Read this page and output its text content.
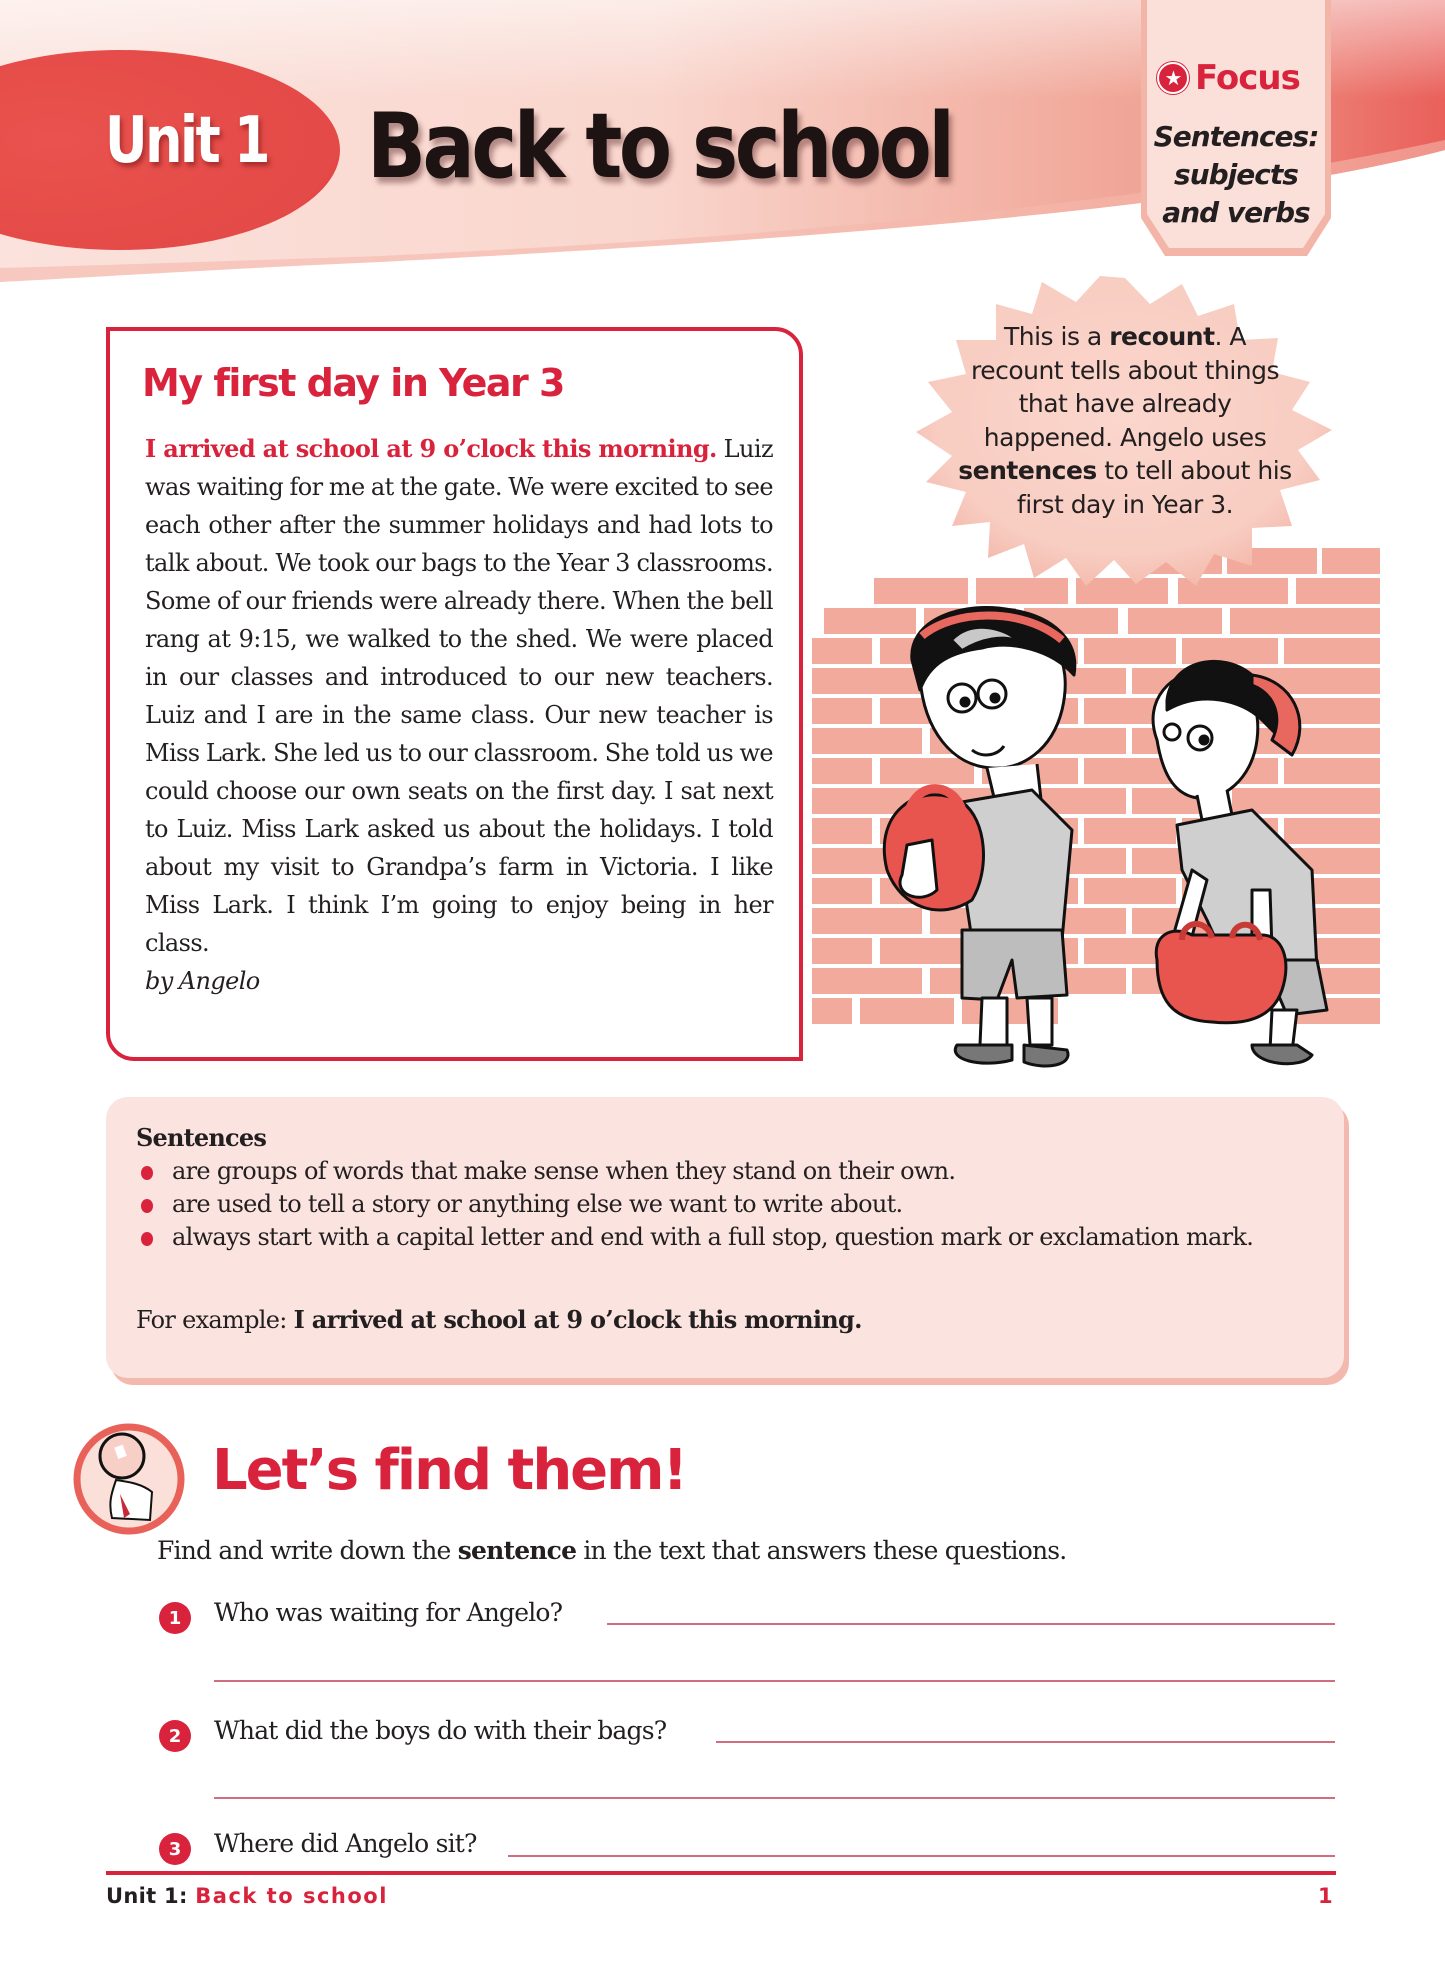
Unit 1 Back to school
★ Focus
Sentences:
subjects
and verbs
My first day in Year 3
I arrived at school at 9 o’clock this morning. Luiz was waiting for me at the gate. We were excited to see each other after the summer holidays and had lots to talk about. We took our bags to the Year 3 classrooms. Some of our friends were already there. When the bell rang at 9:15, we walked to the shed. We were placed in our classes and introduced to our new teachers. Luiz and I are in the same class. Our new teacher is Miss Lark. She led us to our classroom. She told us we could choose our own seats on the first day. I sat next to Luiz. Miss Lark asked us about the holidays. I told about my visit to Grandpa’s farm in Victoria. I like Miss Lark. I think I’m going to enjoy being in her class.
by Angelo
This is a recount. A recount tells about things that have already happened. Angelo uses sentences to tell about his first day in Year 3.
Sentences
are groups of words that make sense when they stand on their own.
are used to tell a story or anything else we want to write about.
always start with a capital letter and end with a full stop, question mark or exclamation mark.
For example: I arrived at school at 9 o’clock this morning.
Let’s find them!
Find and write down the sentence in the text that answers these questions.
1	Who was waiting for Angelo?
2	What did the boys do with their bags?
3	Where did Angelo sit?
Unit 1: Back to school	1
